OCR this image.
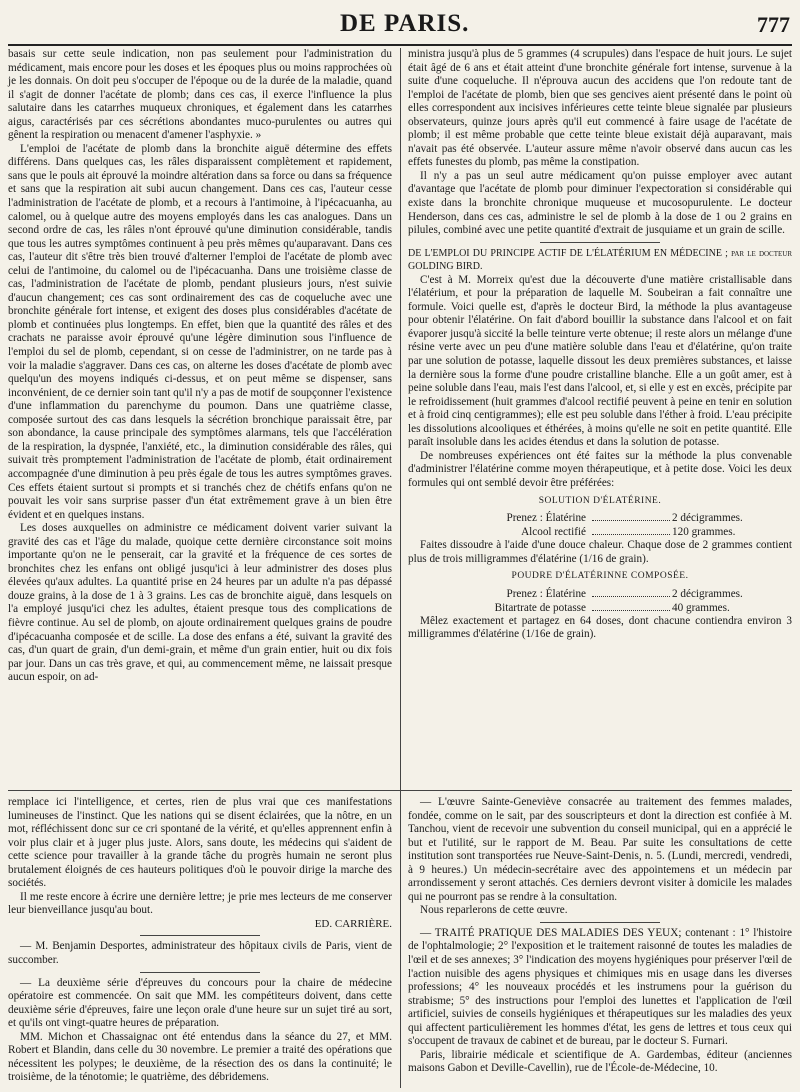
DE PARIS.	777

basais sur cette seule indication, non pas seulement pour l'administration du médicament, mais encore pour les doses et les époques plus ou moins rapprochées où je les donnais. On doit peu s'occuper de l'époque ou de la durée de la maladie, quand il s'agit de donner l'acétate de plomb; dans ces cas, il exerce l'influence la plus salutaire dans les catarrhes muqueux chroniques, et également dans les catarrhes aigus, caractérisés par ces sécrétions abondantes muco-purulentes ou autres qui gênent la respiration ou menacent d'amener l'asphyxie. »

L'emploi de l'acétate de plomb dans la bronchite aiguë détermine des effets différens. Dans quelques cas, les râles disparaissent complètement et rapidement, sans que le pouls ait éprouvé la moindre altération dans sa force ou dans sa fréquence et sans que la respiration ait subi aucun changement. Dans ces cas, l'auteur cesse l'administration de l'acétate de plomb, et a recours à l'antimoine, à l'ipécacuanha, au calomel, ou à quelque autre des moyens employés dans les cas analogues. Dans un second ordre de cas, les râles n'ont éprouvé qu'une diminution considérable, tandis que tous les autres symptômes continuent à peu près mêmes qu'auparavant. Dans ces cas, l'auteur dit s'être très bien trouvé d'alterner l'emploi de l'acétate de plomb avec celui de l'antimoine, du calomel ou de l'ipécacuanha. Dans une troisième classe de cas, l'administration de l'acétate de plomb, pendant plusieurs jours, n'est suivie d'aucun changement; ces cas sont ordinairement des cas de coqueluche avec une bronchite générale fort intense, et exigent des doses plus considérables d'acétate de plomb et continuées plus longtemps. En effet, bien que la quantité des râles et des crachats ne paraisse avoir éprouvé qu'une légère diminution sous l'influence de l'emploi du sel de plomb, cependant, si on cesse de l'administrer, on ne tarde pas à voir la maladie s'aggraver. Dans ces cas, on alterne les doses d'acétate de plomb avec quelqu'un des moyens indiqués ci-dessus, et on peut même se dispenser, sans inconvénient, de ce dernier soin tant qu'il n'y a pas de motif de soupçonner l'existence d'une inflammation du parenchyme du poumon. Dans une quatrième classe, composée surtout des cas dans lesquels la sécrétion bronchique paraissait être, par son abondance, la cause principale des symptômes alarmans, tels que l'accélération de la respiration, la dyspnée, l'anxiété, etc., la diminution considérable des râles, qui suivait très promptement l'administration de l'acétate de plomb, était ordinairement accompagnée d'une diminution à peu près égale de tous les autres symptômes graves. Ces effets étaient surtout si prompts et si tranchés chez de chétifs enfans qu'on ne pouvait les voir sans surprise passer d'un état extrêmement grave à un bien être évident et en quelques instans.

Les doses auxquelles on administre ce médicament doivent varier suivant la gravité des cas et l'âge du malade, quoique cette dernière circonstance soit moins importante qu'on ne le penserait, car la gravité et la fréquence de ces sortes de bronchites chez les enfans ont obligé jusqu'ici à leur administrer des doses plus élevées qu'aux adultes. La quantité prise en 24 heures par un adulte n'a pas dépassé douze grains, à la dose de 1 à 3 grains. Les cas de bronchite aiguë, dans lesquels on l'a employé jusqu'ici chez les adultes, étaient presque tous des complications de fièvre continue. Au sel de plomb, on ajoute ordinairement quelques grains de poudre d'ipécacuanha composée et de scille. La dose des enfans a été, suivant la gravité des cas, d'un quart de grain, d'un demi-grain, et même d'un grain entier, huit ou dix fois par jour. Dans un cas très grave, et qui, au commencement même, ne laissait presque aucun espoir, on ad-

ministra jusqu'à plus de 5 grammes (4 scrupules) dans l'espace de huit jours. Le sujet était âgé de 6 ans et était atteint d'une bronchite générale fort intense, survenue à la suite d'une coqueluche. Il n'éprouva aucun des accidens que l'on redoute tant de l'emploi de l'acétate de plomb, bien que ses gencives aient présenté dans le point où elles correspondent aux incisives inférieures cette teinte bleue signalée par plusieurs observateurs, quinze jours après qu'il eut commencé à faire usage de l'acétate de plomb; il est même probable que cette teinte bleue existait déjà auparavant, mais n'avait pas été observée. L'auteur assure même n'avoir observé dans aucun cas les effets funestes du plomb, pas même la constipation.

Il n'y a pas un seul autre médicament qu'on puisse employer avec autant d'avantage que l'acétate de plomb pour diminuer l'expectoration si considérable qui existe dans la bronchite chronique muqueuse et mucosopurulente. Le docteur Henderson, dans ces cas, administre le sel de plomb à la dose de 1 ou 2 grains en pilules, combiné avec une petite quantité d'extrait de jusquiame et un grain de scille.

DE L'EMPLOI DU PRINCIPE ACTIF DE L'ÉLATÉRIUM EN MÉDECINE ; par le docteur GOLDING BIRD.

C'est à M. Morreix qu'est due la découverte d'une matière cristallisable dans l'élatérium, et pour la préparation de laquelle M. Soubeiran a fait connaître une formule. Voici quelle est, d'après le docteur Bird, la méthode la plus avantageuse pour obtenir l'élatérine. On fait d'abord bouillir la substance dans l'alcool et on fait évaporer jusqu'à siccité la belle teinture verte obtenue; il reste alors un mélange d'une résine verte avec un peu d'une matière soluble dans l'eau et d'élatérine, qu'on traite par une solution de potasse, laquelle dissout les deux premières substances, et laisse la dernière sous la forme d'une poudre cristalline blanche. Elle a un goût amer, est à peine soluble dans l'eau, mais l'est dans l'alcool, et, si elle y est en excès, précipite par le refroidissement (huit grammes d'alcool rectifié peuvent à peine en tenir en solution et à froid cinq centigrammes); elle est peu soluble dans l'éther à froid. L'eau précipite les dissolutions alcooliques et éthérées, à moins qu'elle ne soit en petite quantité. Elle paraît insoluble dans les acides étendus et dans la solution de potasse.

De nombreuses expériences ont été faites sur la méthode la plus convenable d'administrer l'élatérine comme moyen thérapeutique, et à petite dose. Voici les deux formules qui ont semblé devoir être préférées:

SOLUTION D'ÉLATÉRINE.
Prenez : Élatérine	2 décigrammes.
Alcool rectifié	120 grammes.

Faites dissoudre à l'aide d'une douce chaleur. Chaque dose de 2 grammes contient plus de trois milligrammes d'élatérine (1/16 de grain).

POUDRE D'ÉLATÉRINNE COMPOSÉE.
Prenez : Élatérine	2 décigrammes.
Bitartrate de potasse	40 grammes.

Mêlez exactement et partagez en 64 doses, dont chacune contiendra environ 3 milligrammes d'élatérine (1/16e de grain).

remplace ici l'intelligence, et certes, rien de plus vrai que ces manifestations lumineuses de l'instinct. Que les nations qui se disent éclairées, que la nôtre, en un mot, réfléchissent donc sur ce cri spontané de la vérité, et qu'elles apprennent enfin à voir plus clair et à juger plus juste. Alors, sans doute, les médecins qui s'aident de cette science pour travailler à la grande tâche du progrès humain ne seront plus brutalement éloignés de ces hauteurs politiques d'où le pouvoir dirige la marche des sociétés.

Il me reste encore à écrire une dernière lettre; je prie mes lecteurs de me conserver leur bienveillance jusqu'au bout.

ED. CARRIÈRE.

— M. Benjamin Desportes, administrateur des hôpitaux civils de Paris, vient de succomber.

— La deuxième série d'épreuves du concours pour la chaire de médecine opératoire est commencée. On sait que MM. les compétiteurs doivent, dans cette deuxième série d'épreuves, faire une leçon orale d'une heure sur un sujet tiré au sort, et qu'ils ont vingt-quatre heures de préparation.

MM. Michon et Chassaignac ont été entendus dans la séance du 27, et MM. Robert et Blandin, dans celle du 30 novembre. Le premier a traité des opérations que nécessitent les polypes; le deuxième, de la résection des os dans la continuité; le troisième, de la ténotomie; le quatrième, des débridemens.

— L'œuvre Sainte-Geneviève consacrée au traitement des femmes malades, fondée, comme on le sait, par des souscripteurs et dont la direction est confiée à M. Tanchou, vient de recevoir une subvention du conseil municipal, qui en a apprécié le but et l'utilité, sur le rapport de M. Beau. Par suite les consultations de cette institution sont transportées rue Neuve-Saint-Denis, n. 5. (Lundi, mercredi, vendredi, à 9 heures.) Un médecin-secrétaire avec des appointemens et un médecin par arrondissement y seront attachés. Ces derniers devront visiter à domicile les malades qui ne pourront pas se rendre à la consultation.

Nous reparlerons de cette œuvre.

— TRAITÉ PRATIQUE DES MALADIES DES YEUX; contenant : 1° l'histoire de l'ophtalmologie; 2° l'exposition et le traitement raisonné de toutes les maladies de l'œil et de ses annexes; 3° l'indication des moyens hygiéniques pour préserver l'œil de l'action nuisible des agens physiques et chimiques mis en usage dans les diverses professions; 4° les nouveaux procédés et les instrumens pour la guérison du strabisme; 5° des instructions pour l'emploi des lunettes et l'application de l'œil artificiel, suivies de conseils hygiéniques et thérapeutiques sur les maladies des yeux qui affectent particulièrement les hommes d'état, les gens de lettres et tous ceux qui s'occupent de travaux de cabinet et de bureau, par le docteur S. Furnari.

Paris, librairie médicale et scientifique de A. Gardembas, éditeur (anciennes maisons Gabon et Deville-Cavellin), rue de l'École-de-Médecine, 10.
